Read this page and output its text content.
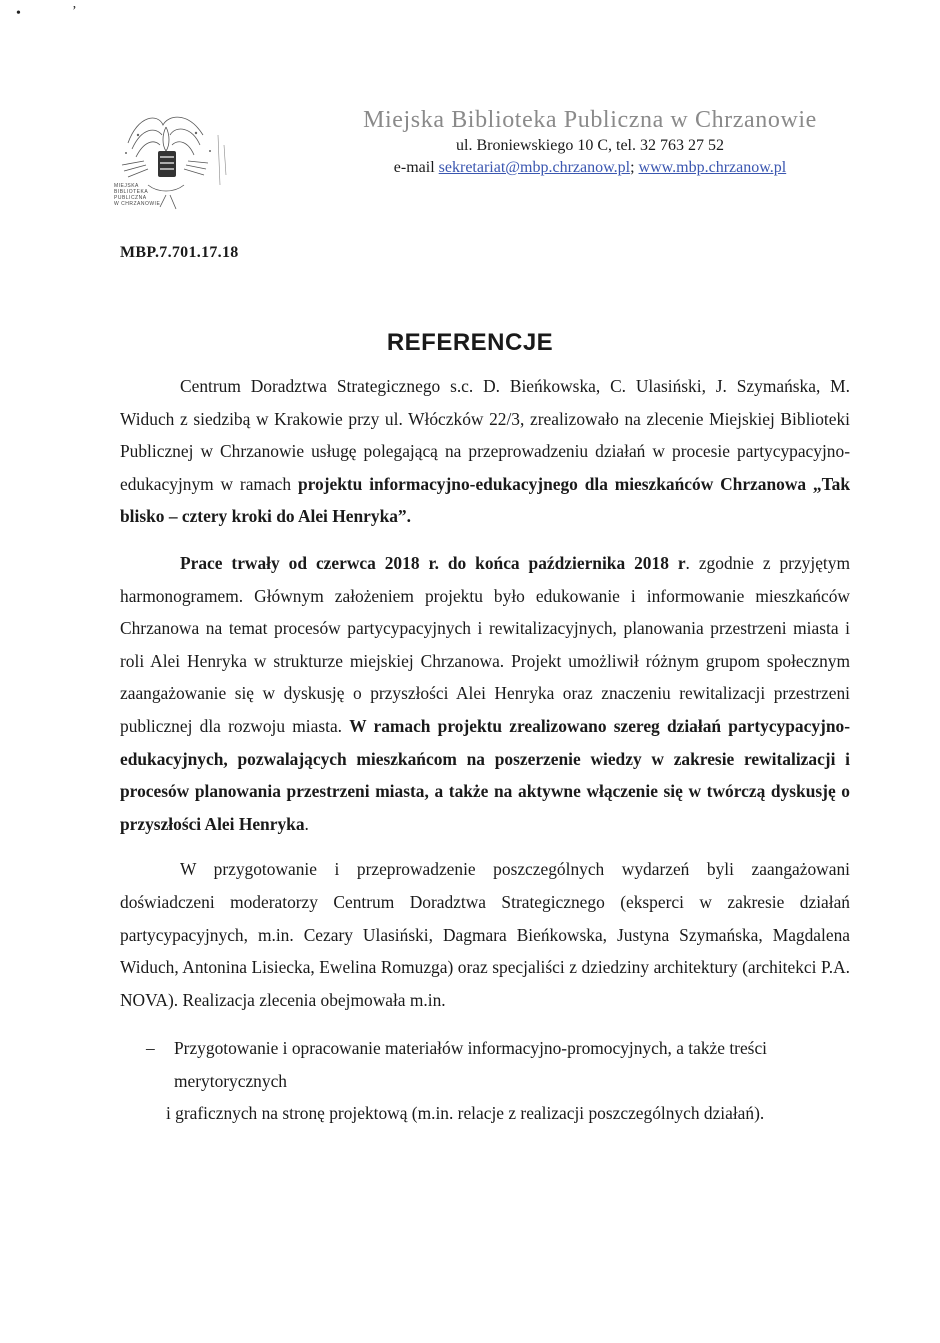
•	ʼ
MIEJSKA
BIBLIOTEKA
PUBLICZNA
W CHRZANOWIE
Miejska Biblioteka Publiczna w Chrzanowie
ul. Broniewskiego 10 C, tel. 32 763 27 52
e-mail sekretariat@mbp.chrzanow.pl; www.mbp.chrzanow.pl
MBP.7.701.17.18
REFERENCJE

Centrum Doradztwa Strategicznego s.c. D. Bieńkowska, C. Ulasiński, J. Szymańska, M. Widuch z siedzibą w Krakowie przy ul. Włóczków 22/3, zrealizowało na zlecenie Miejskiej Biblioteki Publicznej w Chrzanowie usługę polegającą na przeprowadzeniu działań w procesie partycypacyjno-edukacyjnym w ramach projektu informacyjno-edukacyjnego dla mieszkańców Chrzanowa „Tak blisko – cztery kroki do Alei Henryka”.

Prace trwały od czerwca 2018 r. do końca października 2018 r. zgodnie z przyjętym harmonogramem. Głównym założeniem projektu było edukowanie i informowanie mieszkańców Chrzanowa na temat procesów partycypacyjnych i rewitalizacyjnych, planowania przestrzeni miasta i roli Alei Henryka w strukturze miejskiej Chrzanowa. Projekt umożliwił różnym grupom społecznym zaangażowanie się w dyskusję o przyszłości Alei Henryka oraz znaczeniu rewitalizacji przestrzeni publicznej dla rozwoju miasta. W ramach projektu zrealizowano szereg działań partycypacyjno-edukacyjnych, pozwalających mieszkańcom na poszerzenie wiedzy w zakresie rewitalizacji i procesów planowania przestrzeni miasta, a także na aktywne włączenie się w twórczą dyskusję o przyszłości Alei Henryka.

W przygotowanie i przeprowadzenie poszczególnych wydarzeń byli zaangażowani doświadczeni moderatorzy Centrum Doradztwa Strategicznego (eksperci w zakresie działań partycypacyjnych, m.in. Cezary Ulasiński, Dagmara Bieńkowska, Justyna Szymańska, Magdalena Widuch, Antonina Lisiecka, Ewelina Romuzga) oraz specjaliści z dziedziny architektury (architekci P.A. NOVA). Realizacja zlecenia obejmowała m.in.

– Przygotowanie i opracowanie materiałów informacyjno-promocyjnych, a także treści merytorycznych
i graficznych na stronę projektową (m.in. relacje z realizacji poszczególnych działań).
